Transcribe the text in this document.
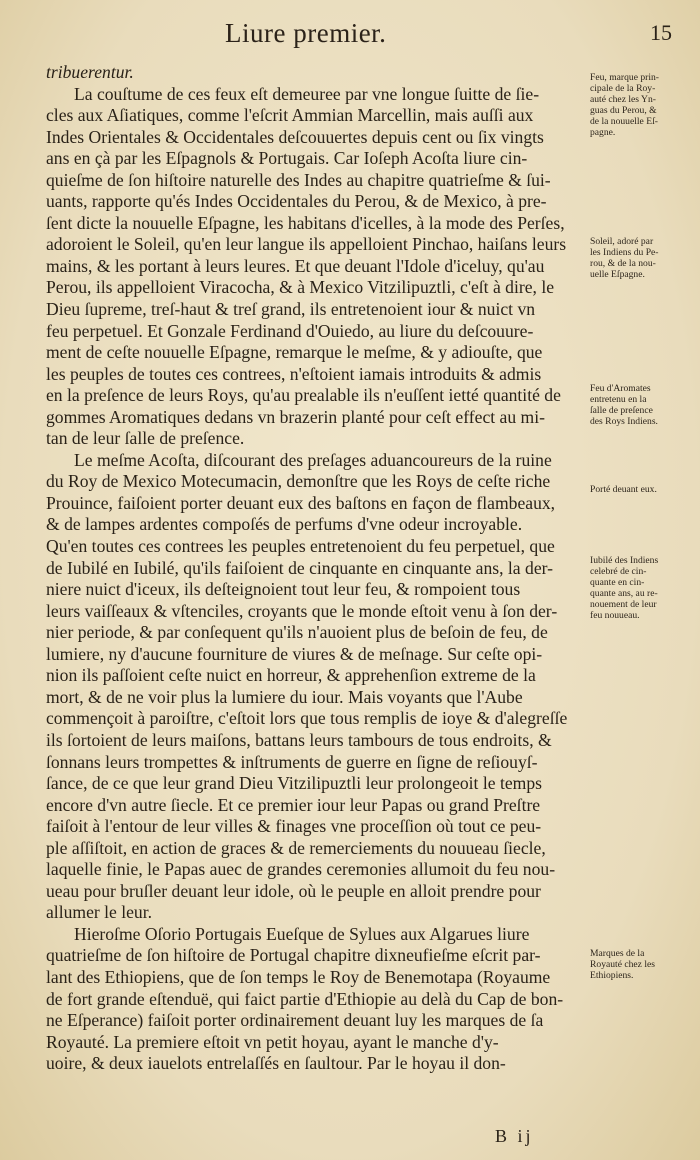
Liure premier.	15
tribuerentur.
La couſtume de ces feux eſt demeuree par vne longue ſuitte de ſie-
cles aux Aſiatiques, comme l'eſcrit Ammian Marcellin, mais auſſi aux
Indes Orientales & Occidentales deſcouuertes depuis cent ou ſix vingts
ans en çà par les Eſpagnols & Portugais. Car Ioſeph Acoſta liure cin-
quieſme de ſon hiſtoire naturelle des Indes au chapitre quatrieſme & ſui-
uants, rapporte qu'és Indes Occidentales du Perou, & de Mexico, à pre-
ſent dicte la nouuelle Eſpagne, les habitans d'icelles, à la mode des Perſes,
adoroient le Soleil, qu'en leur langue ils appelloient Pinchao, haiſans leurs
mains, & les portant à leurs leures. Et que deuant l'Idole d'iceluy, qu'au
Perou, ils appelloient Viracocha, & à Mexico Vitzilipuztli, c'eſt à dire, le
Dieu ſupreme, treſ-haut & treſ grand, ils entretenoient iour & nuict vn
feu perpetuel. Et Gonzale Ferdinand d'Ouiedo, au liure du deſcouure-
ment de ceſte nouuelle Eſpagne, remarque le meſme, & y adiouſte, que
les peuples de toutes ces contrees, n'eſtoient iamais introduits & admis
en la preſence de leurs Roys, qu'au prealable ils n'euſſent ietté quantité de
gommes Aromatiques dedans vn brazerin planté pour ceſt effect au mi-
tan de leur ſalle de preſence.
Le meſme Acoſta, diſcourant des preſages aduancoureurs de la ruine
du Roy de Mexico Motecumacin, demonſtre que les Roys de ceſte riche
Prouince, faiſoient porter deuant eux des baſtons en façon de flambeaux,
& de lampes ardentes compoſés de perfums d'vne odeur incroyable.
Qu'en toutes ces contrees les peuples entretenoient du feu perpetuel, que
de Iubilé en Iubilé, qu'ils faiſoient de cinquante en cinquante ans, la der-
niere nuict d'iceux, ils deſteignoient tout leur feu, & rompoient tous
leurs vaiſſeaux & vſtenciles, croyants que le monde eſtoit venu à ſon der-
nier periode, & par conſequent qu'ils n'auoient plus de beſoin de feu, de
lumiere, ny d'aucune fourniture de viures & de meſnage. Sur ceſte opi-
nion ils paſſoient ceſte nuict en horreur, & apprehenſion extreme de la
mort, & de ne voir plus la lumiere du iour. Mais voyants que l'Aube
commençoit à paroiſtre, c'eſtoit lors que tous remplis de ioye & d'alegreſſe
ils ſortoient de leurs maiſons, battans leurs tambours de tous endroits, &
ſonnans leurs trompettes & inſtruments de guerre en ſigne de reſiouyſ-
ſance, de ce que leur grand Dieu Vitzilipuztli leur prolongeoit le temps
encore d'vn autre ſiecle. Et ce premier iour leur Papas ou grand Preſtre
faiſoit à l'entour de leur villes & finages vne proceſſion où tout ce peu-
ple aſſiſtoit, en action de graces & de remerciements du nouueau ſiecle,
laquelle finie, le Papas auec de grandes ceremonies allumoit du feu nou-
ueau pour bruſler deuant leur idole, où le peuple en alloit prendre pour
allumer le leur.
Hieroſme Oſorio Portugais Eueſque de Sylues aux Algarues liure
quatrieſme de ſon hiſtoire de Portugal chapitre dixneufieſme eſcrit par-
lant des Ethiopiens, que de ſon temps le Roy de Benemotapa (Royaume
de fort grande eſtenduë, qui faict partie d'Ethiopie au delà du Cap de bon-
ne Eſperance) faiſoit porter ordinairement deuant luy les marques de ſa
Royauté. La premiere eſtoit vn petit hoyau, ayant le manche d'y-
uoire, & deux iauelots entrelaſſés en ſaultour. Par le hoyau il don-
Feu, marque prin-
cipale de la Roy-
auté chez les Yn-
guas du Perou, &
de la nouuelle Eſ-
pagne.
Soleil, adoré par
les Indiens du Pe-
rou, & de la nou-
uelle Eſpagne.
Feu d'Aromates
entretenu en la
ſalle de preſence
des Roys Indiens.
Porté deuant eux.
Iubilé des Indiens
celebré de cin-
quante en cin-
quante ans, au re-
nouement de leur
feu nouueau.
Marques de la
Royauté chez les
Ethiopiens.
B ij
